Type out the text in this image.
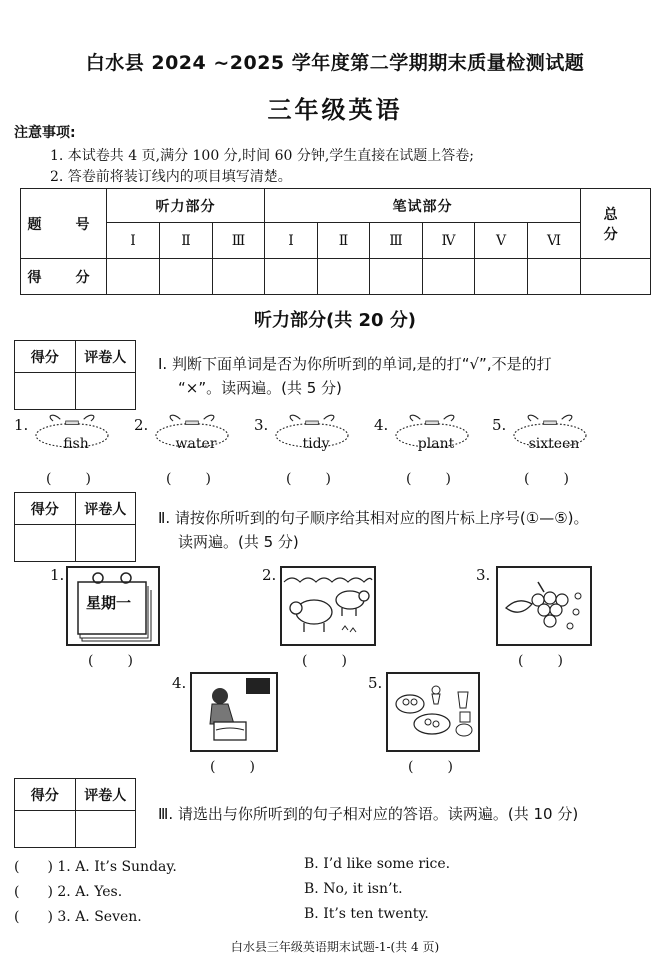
白水县 2024 ~2025 学年度第二学期期末质量检测试题
三年级英语
注意事项:
1. 本试卷共 4 页,满分 100 分,时间 60 分钟,学生直接在试题上答卷;
2. 答卷前将装订线内的项目填写清楚。
题　号	听力部分			笔试部分						总　分
	Ⅰ	Ⅱ	Ⅲ	Ⅰ	Ⅱ	Ⅲ	Ⅳ	Ⅴ	Ⅵ	
得　分										
听力部分(共 20 分)
得分	评卷人
	Ⅰ. 判断下面单词是否为你所听到的单词,是的打“√”,不是的打
“×”。读两遍。(共 5 分)
1.
fish
(　　)
2.
water
(　　)
3.
tidy
(　　)
4.
plant
(　　)
5.
sixteen
(　　)
得分	评卷人
	Ⅱ. 请按你所听到的句子顺序给其相对应的图片标上序号(①—⑤)。
读两遍。(共 5 分)
1.
星期一
(　　)
2.
(　　)
3.
(　　)
4.
(　　)
5.
(　　)
得分	评卷人

Ⅲ. 请选出与你所听到的句子相对应的答语。读两遍。(共 10 分)
(　　) 1. A. It’s Sunday.	B. I’d like some rice.
(　　) 2. A. Yes.	B. No, it isn’t.
(　　) 3. A. Seven.	B. It’s ten twenty.
白水县三年级英语期末试题-1-(共 4 页)
